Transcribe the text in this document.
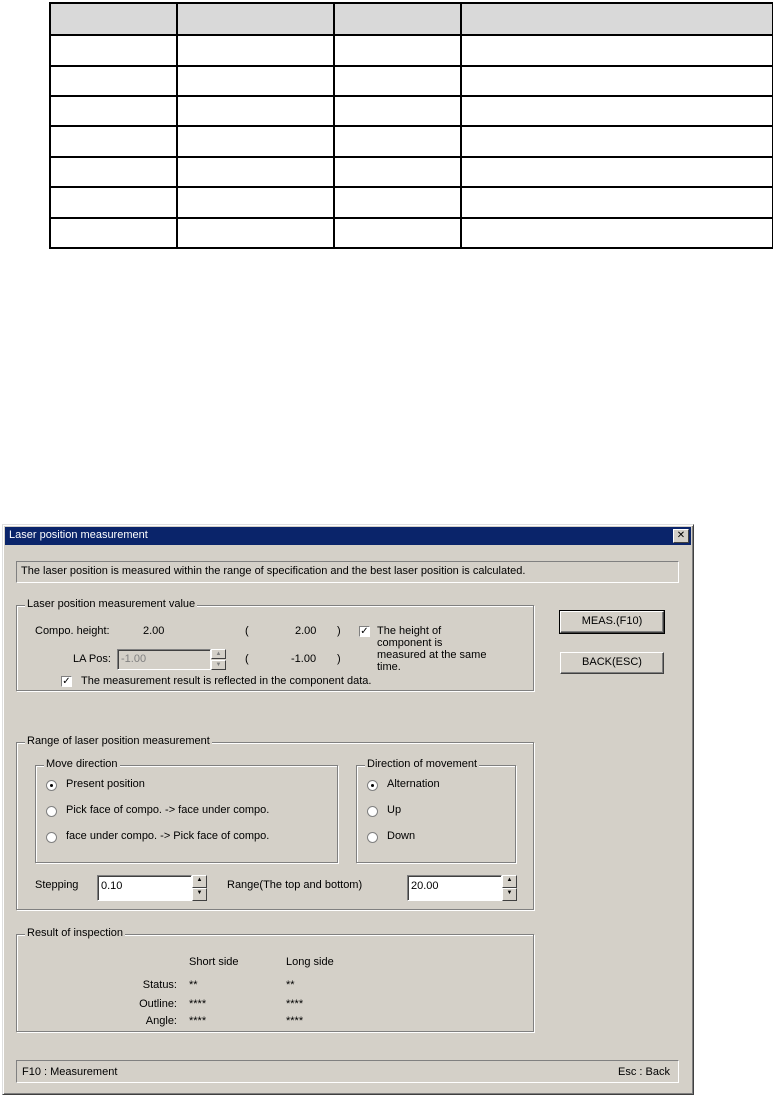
Laser position measurement	✕
The laser position is measured within the range of specification and the best laser position is calculated.
Laser position measurement value
Compo. height:	2.00	(	2.00 ) ✓ The height of
component is
measured at the same
time.
LA Pos: -1.00	▲
▼	(	-1.00 )
✓ The measurement result is reflected in the component data.
MEAS.(F10)
BACK(ESC)
Range of laser position measurement
Move direction
Present position
Pick face of compo. -> face under compo.
face under compo. -> Pick face of compo.
Direction of movement
Alternation
Up
Down
Stepping	0.10	▲
▼
Range(The top and bottom)	20.00	▲
▼
Result of inspection
Short side	Long side
Status: **	**
Outline: ****	****
Angle: ****	****
F10 : Measurement	Esc : Back
